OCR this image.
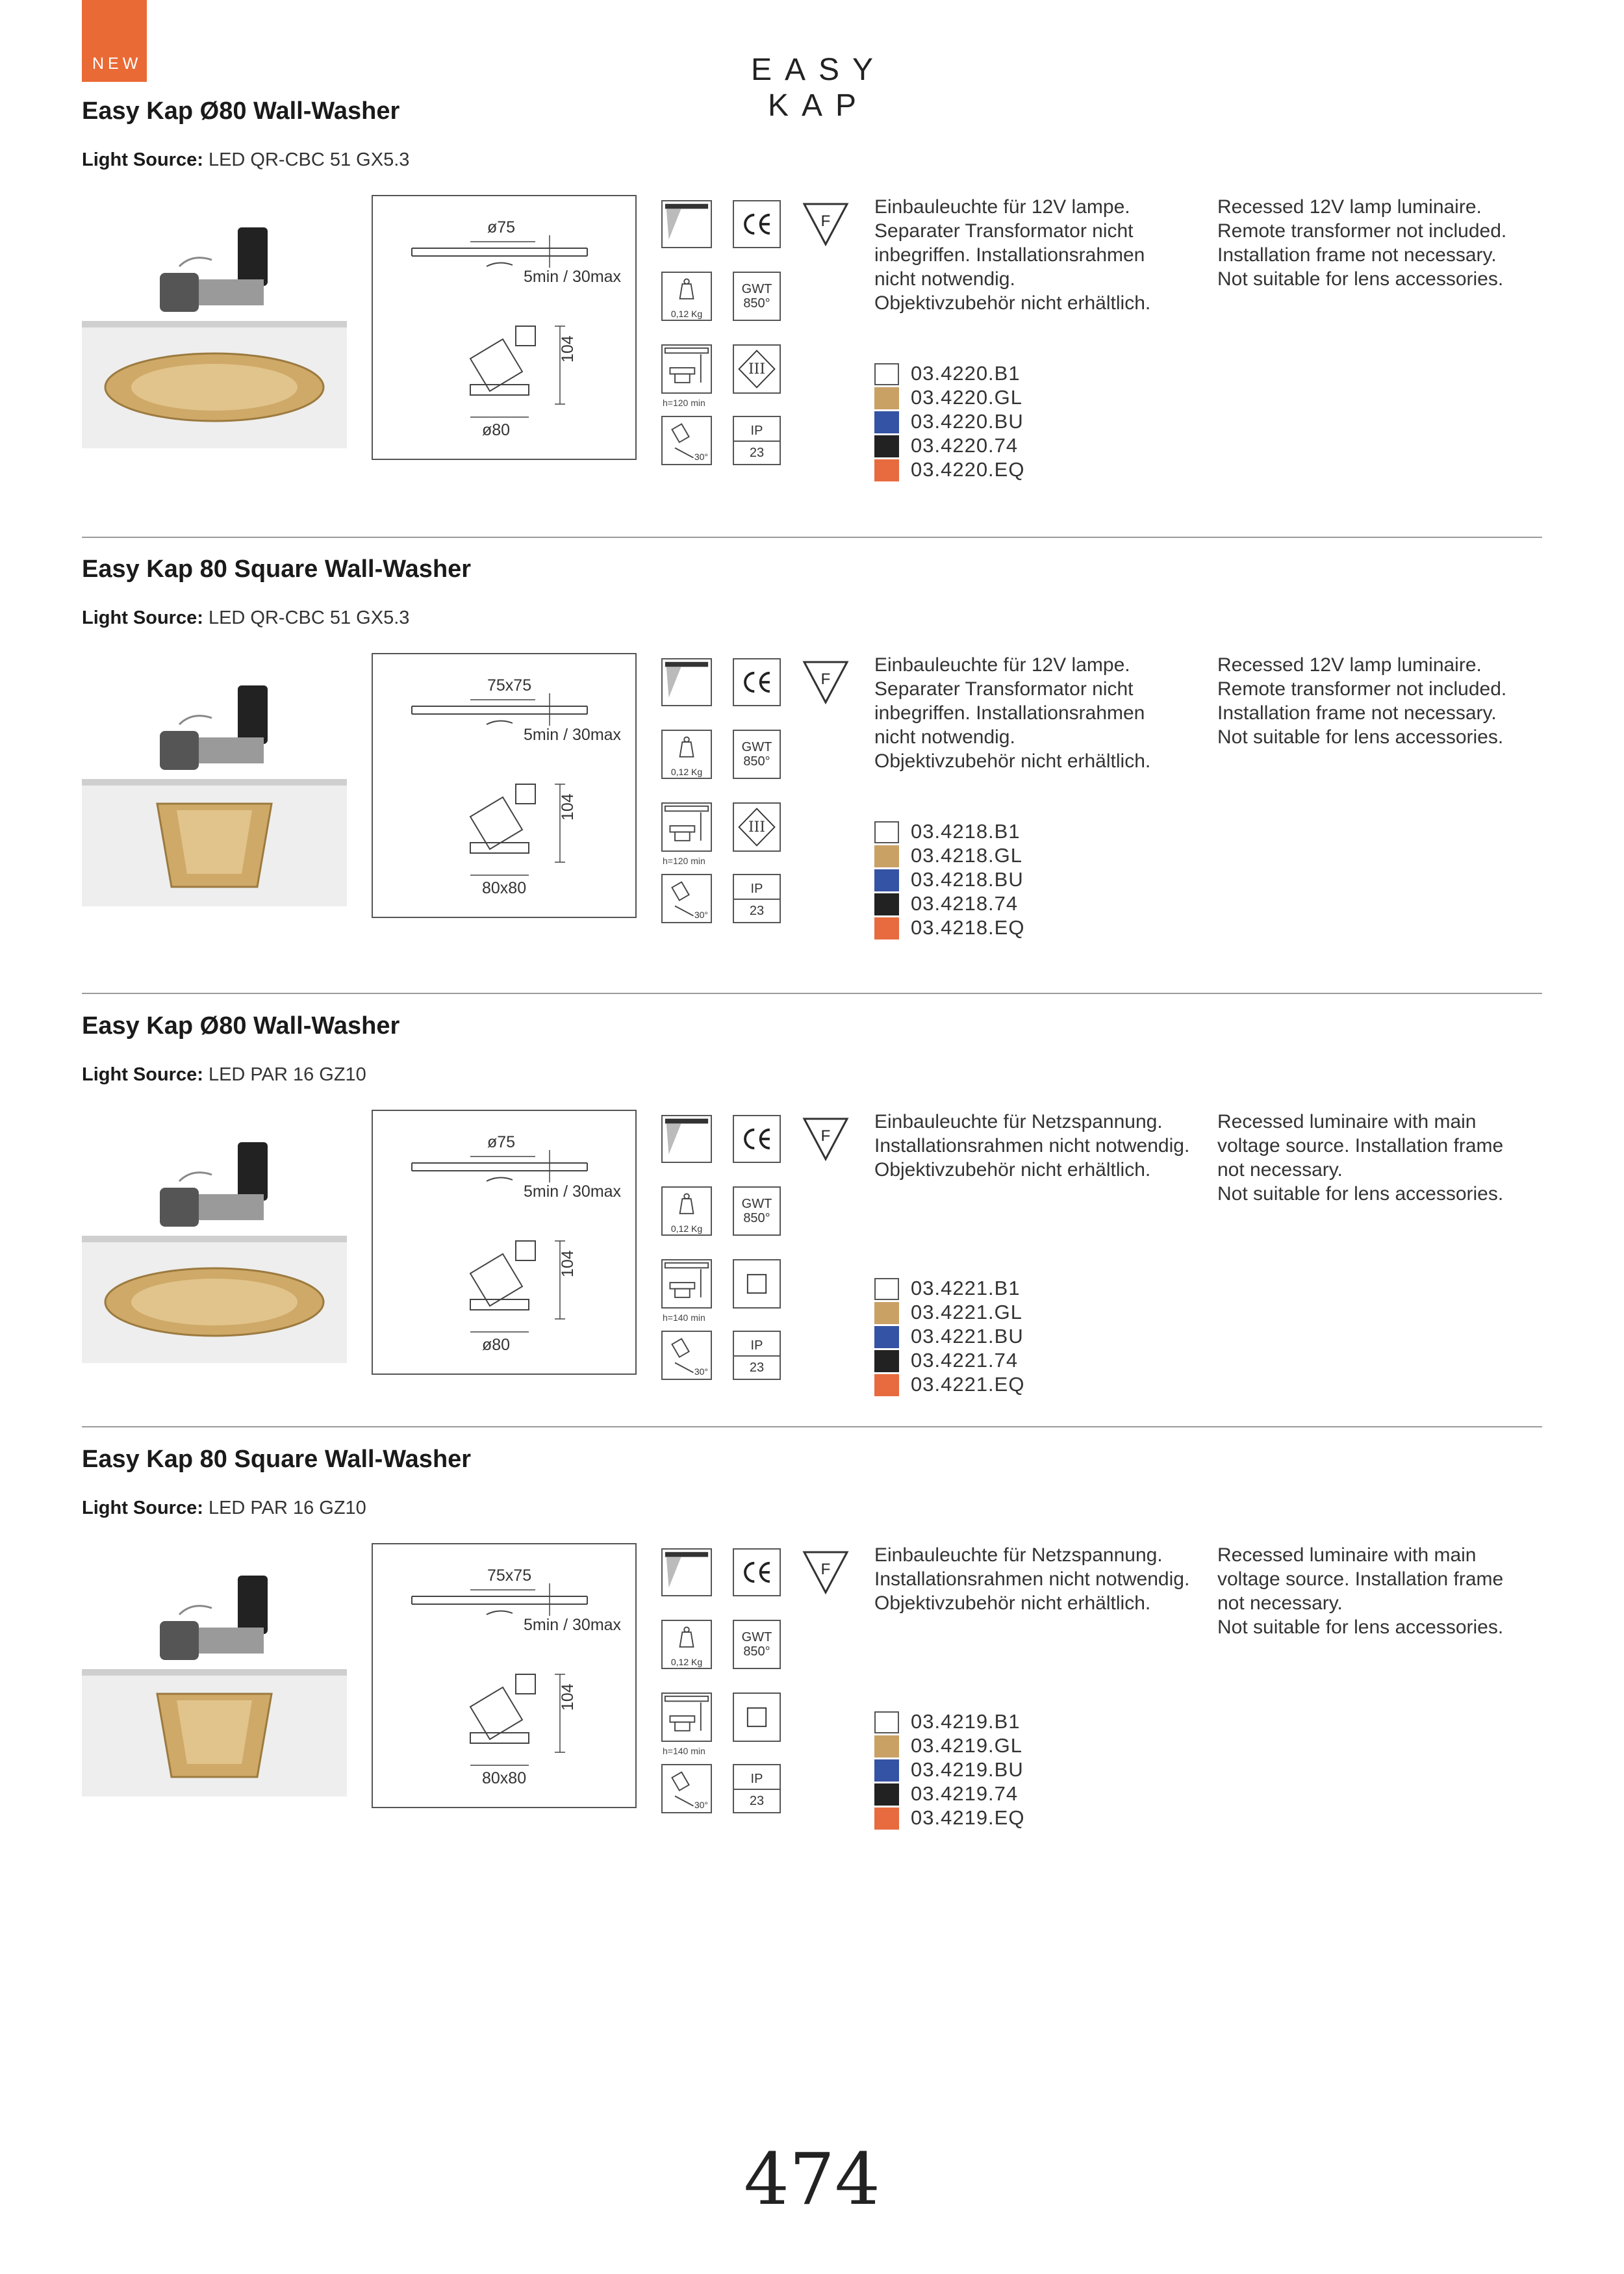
NEW	EASY KAP
Easy Kap Ø80 Wall-Washer
Light Source: LED QR-CBC 51 GX5.3
ø75
5min / 30max
104
ø80
F
0,12 Kg
GWT
850°
h=120 min
III
30°
IP
23
Einbauleuchte für 12V lampe.
Separater Transformator nicht
inbegriffen. Installationsrahmen
nicht notwendig.
Objektivzubehör nicht erhältlich.
Recessed 12V lamp luminaire.
Remote transformer not included.
Installation frame not necessary.
Not suitable for lens accessories.
03.4220.B1
03.4220.GL
03.4220.BU
03.4220.74
03.4220.EQ
Easy Kap 80 Square Wall-Washer
Light Source: LED QR-CBC 51 GX5.3
75x75
5min / 30max
104
80x80
F
0,12 Kg
GWT
850°
h=120 min
III
30°
IP
23
Einbauleuchte für 12V lampe.
Separater Transformator nicht
inbegriffen. Installationsrahmen
nicht notwendig.
Objektivzubehör nicht erhältlich.
Recessed 12V lamp luminaire.
Remote transformer not included.
Installation frame not necessary.
Not suitable for lens accessories.
03.4218.B1
03.4218.GL
03.4218.BU
03.4218.74
03.4218.EQ
Easy Kap Ø80 Wall-Washer
Light Source: LED PAR 16 GZ10
ø75
5min / 30max
104
ø80
F
0,12 Kg
GWT
850°
h=140 min
30°
IP
23
Einbauleuchte für Netzspannung.
Installationsrahmen nicht notwendig.
Objektivzubehör nicht erhältlich.
Recessed luminaire with main
voltage source. Installation frame
not necessary.
Not suitable for lens accessories.
03.4221.B1
03.4221.GL
03.4221.BU
03.4221.74
03.4221.EQ
Easy Kap 80 Square Wall-Washer
Light Source: LED PAR 16 GZ10
75x75
5min / 30max
104
80x80
F
0,12 Kg
GWT
850°
h=140 min
30°
IP
23
Einbauleuchte für Netzspannung.
Installationsrahmen nicht notwendig.
Objektivzubehör nicht erhältlich.
Recessed luminaire with main
voltage source. Installation frame
not necessary.
Not suitable for lens accessories.
03.4219.B1
03.4219.GL
03.4219.BU
03.4219.74
03.4219.EQ
474
